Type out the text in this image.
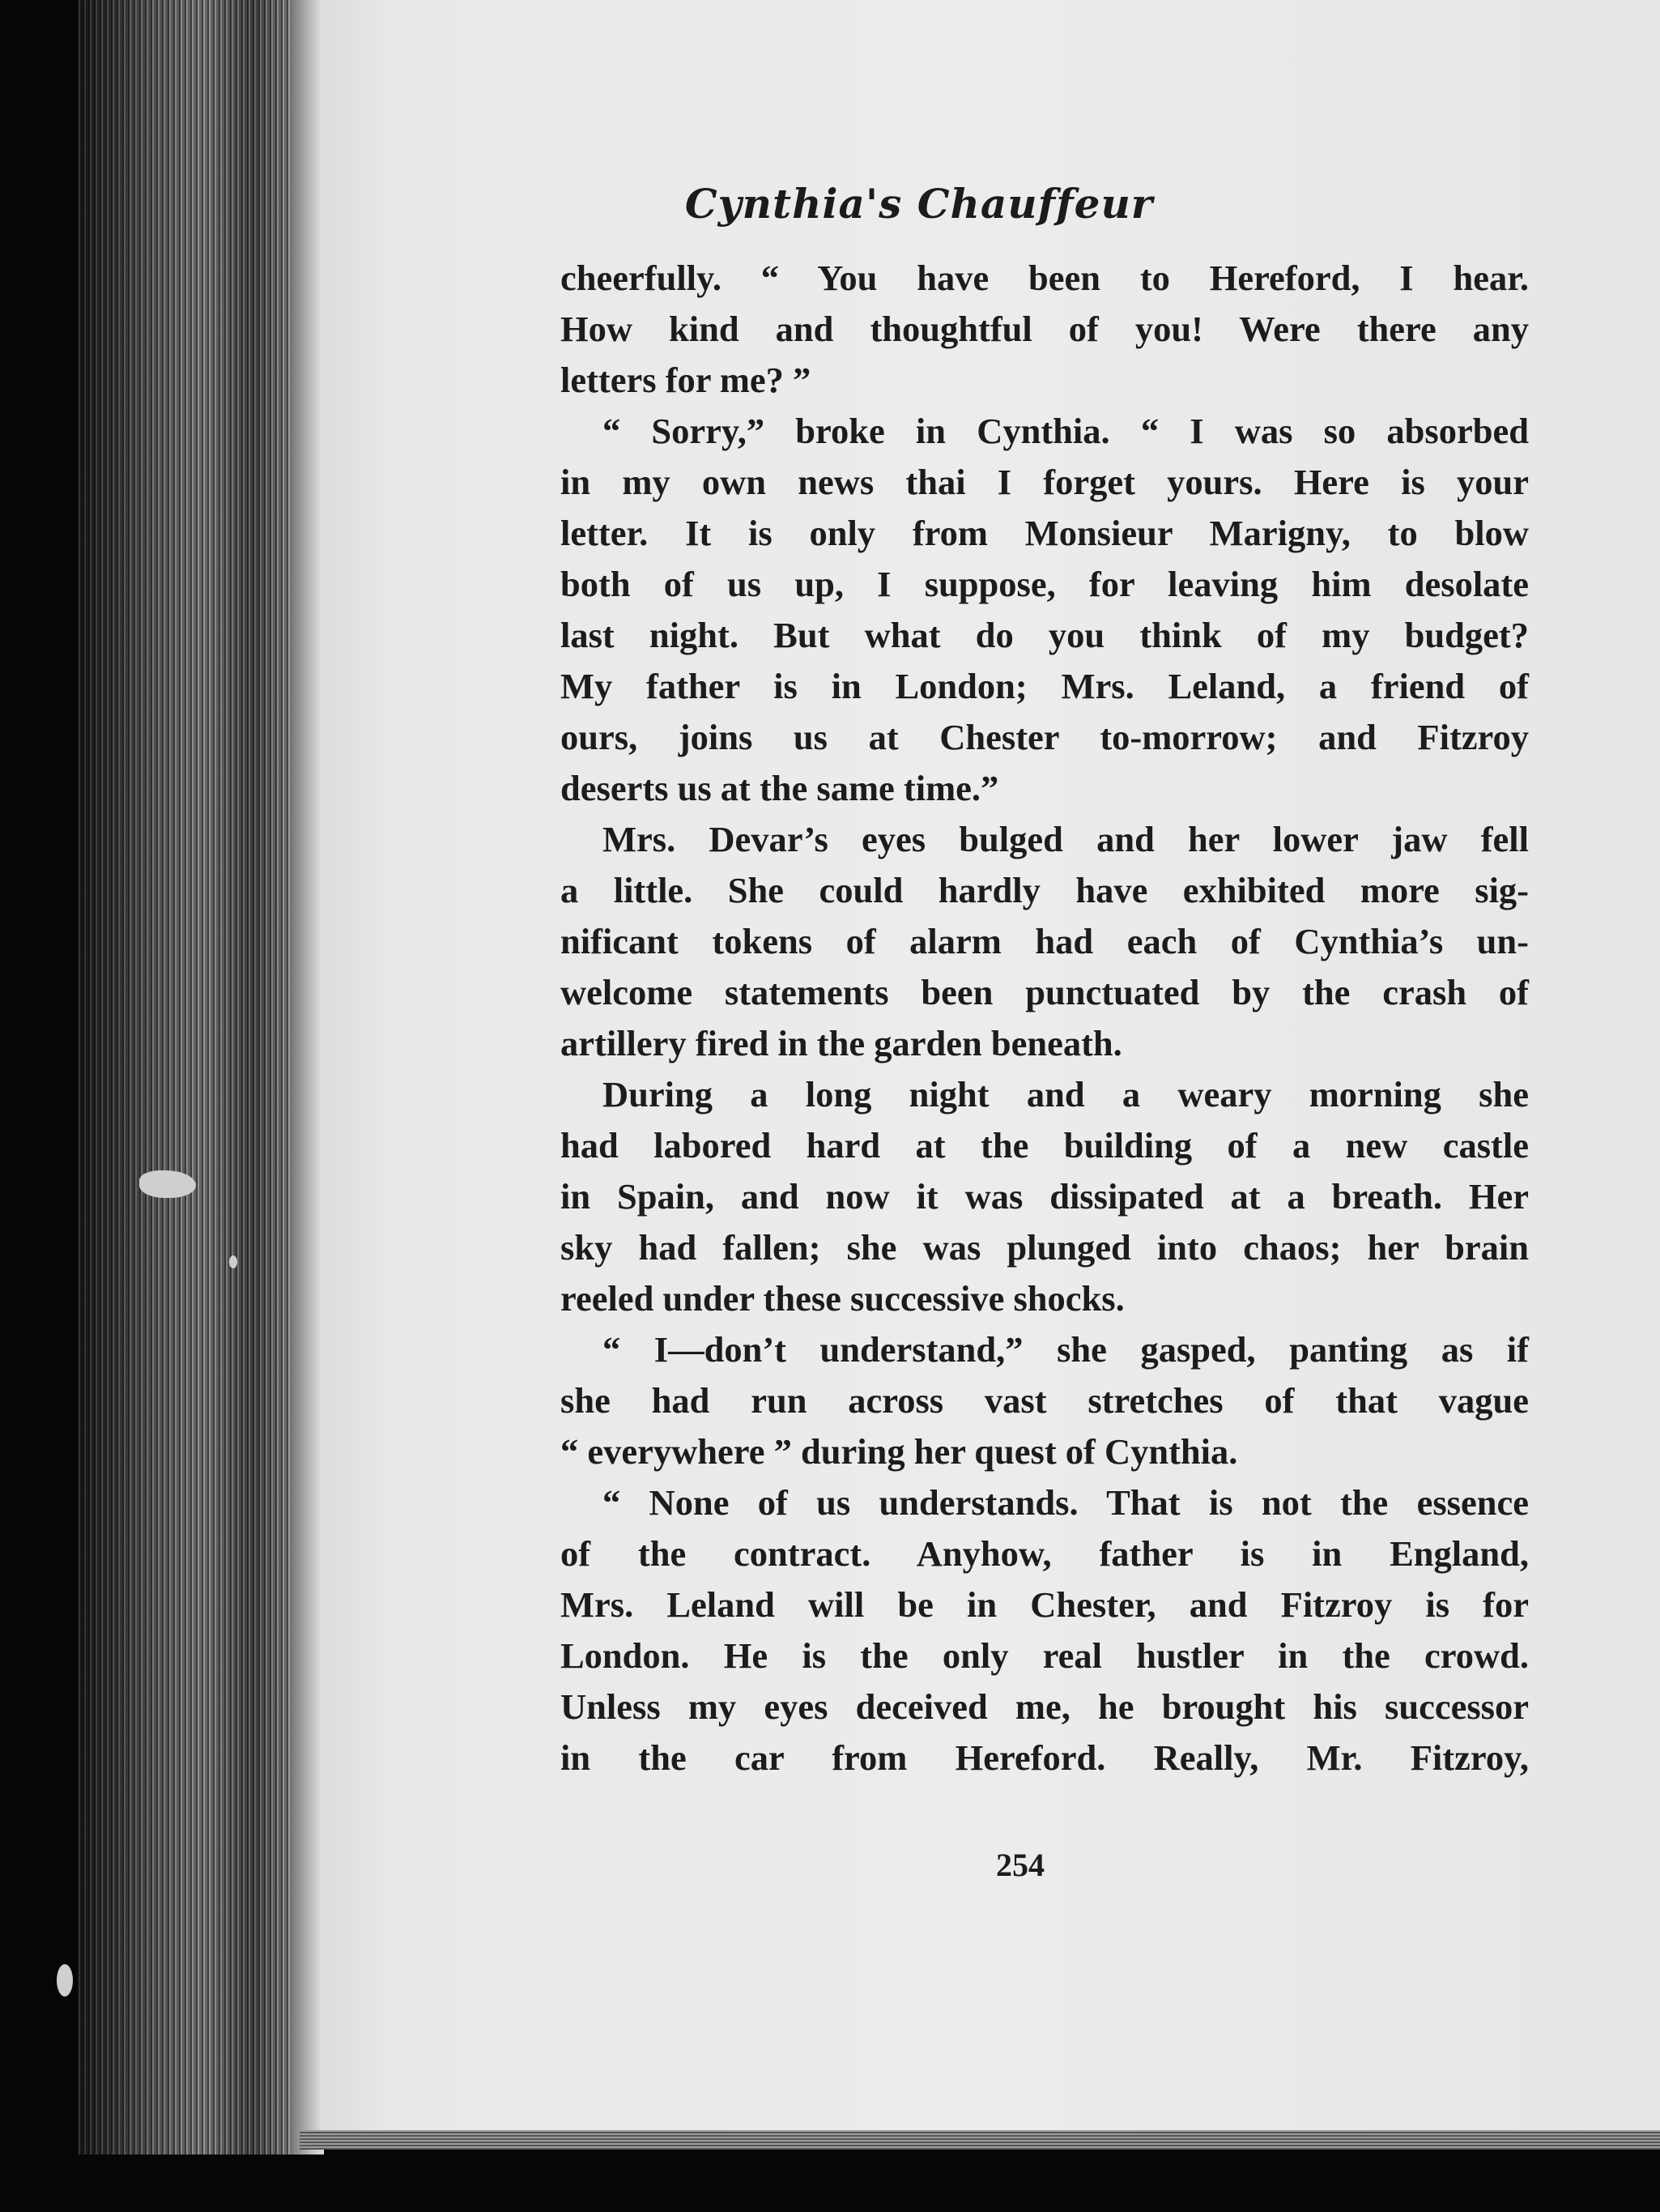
Cynthia's Chauffeur
cheerfully. “ You have been to Hereford, I hear.
How kind and thoughtful of you! Were there any
letters for me? ”
“ Sorry,” broke in Cynthia. “ I was so absorbed
in my own news thai I forget yours. Here is your
letter. It is only from Monsieur Marigny, to blow
both of us up, I suppose, for leaving him desolate
last night. But what do you think of my budget?
My father is in London; Mrs. Leland, a friend of
ours, joins us at Chester to-morrow; and Fitzroy
deserts us at the same time.”
Mrs. Devar’s eyes bulged and her lower jaw fell
a little. She could hardly have exhibited more sig-
nificant tokens of alarm had each of Cynthia’s un-
welcome statements been punctuated by the crash of
artillery fired in the garden beneath.
During a long night and a weary morning she
had labored hard at the building of a new castle
in Spain, and now it was dissipated at a breath. Her
sky had fallen; she was plunged into chaos; her brain
reeled under these successive shocks.
“ I—don’t understand,” she gasped, panting as if
she had run across vast stretches of that vague
“ everywhere ” during her quest of Cynthia.
“ None of us understands. That is not the essence
of the contract. Anyhow, father is in England,
Mrs. Leland will be in Chester, and Fitzroy is for
London. He is the only real hustler in the crowd.
Unless my eyes deceived me, he brought his successor
in the car from Hereford. Really, Mr. Fitzroy,
254
